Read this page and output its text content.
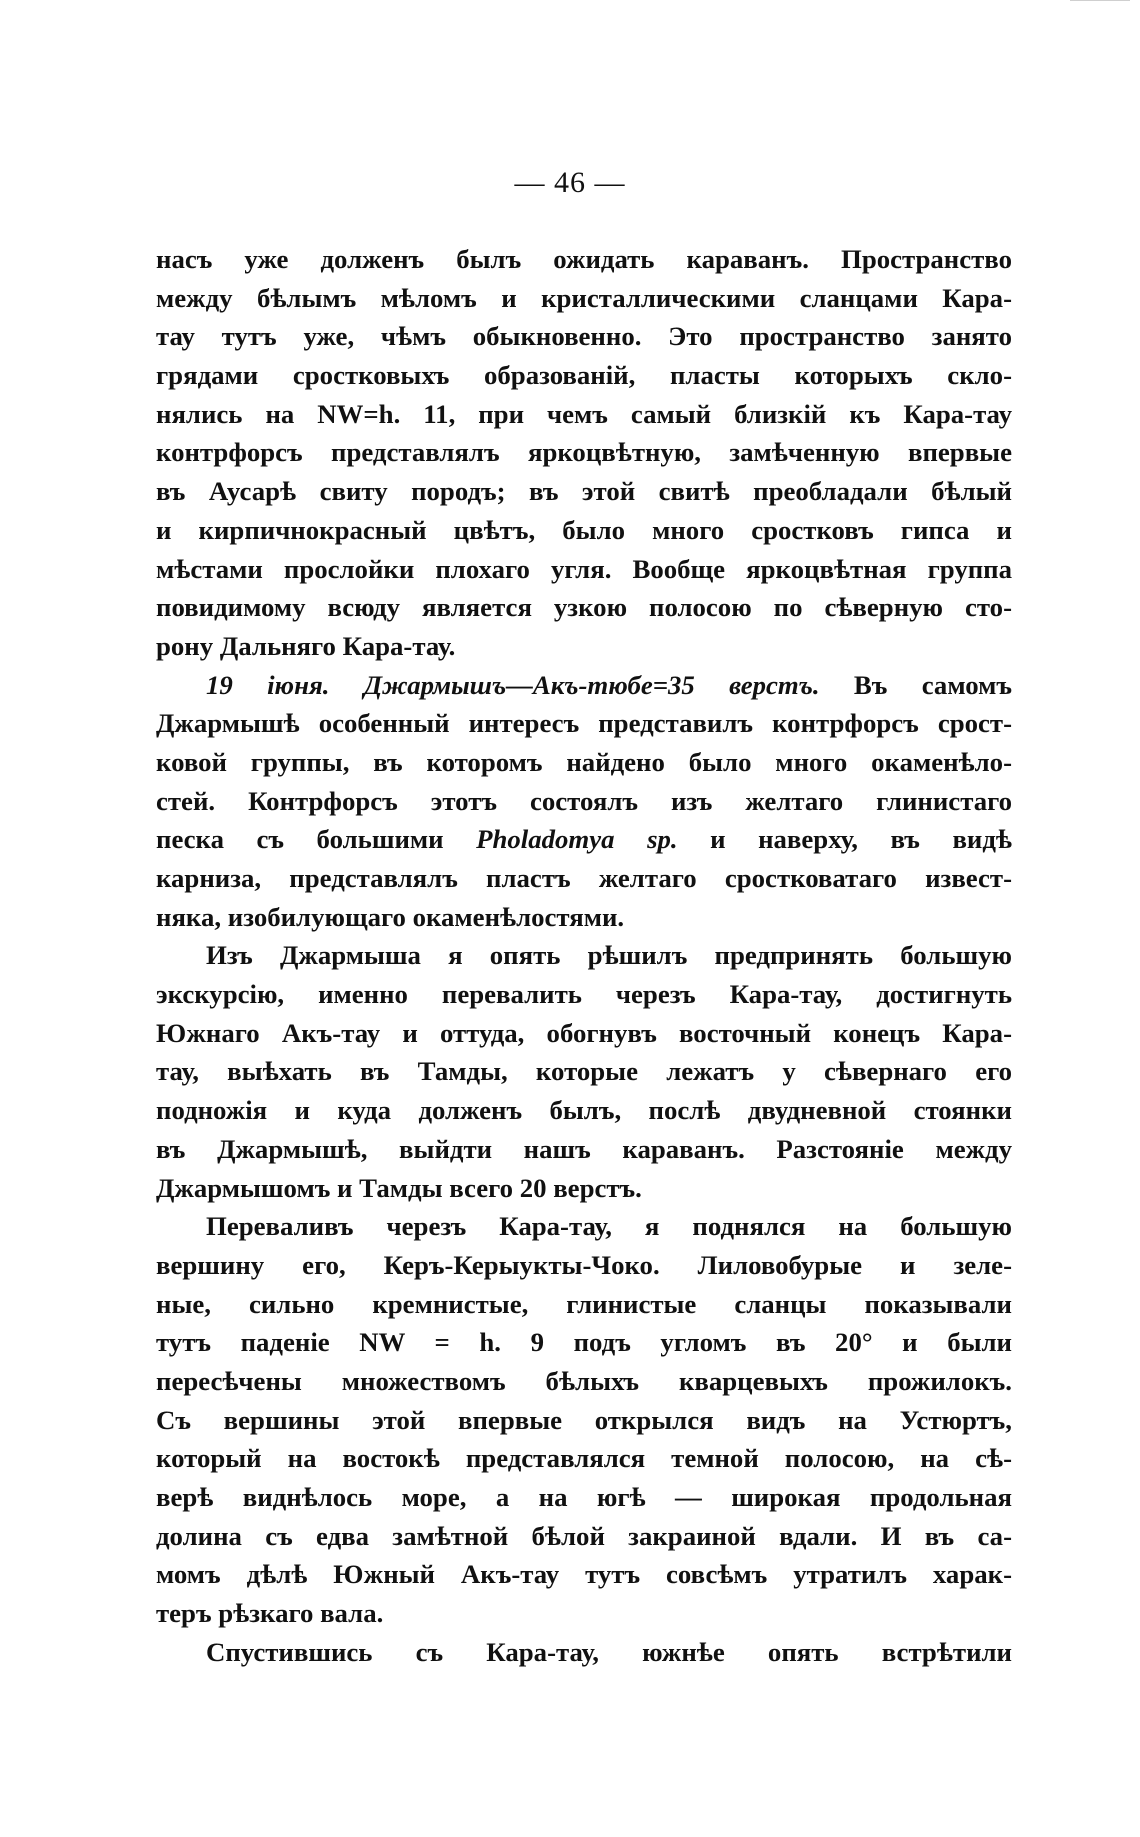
— 46 —
насъ уже долженъ былъ ожидать караванъ. Пространство
между бѣлымъ мѣломъ и кристаллическими сланцами Кара-
тау тутъ уже, чѣмъ обыкновенно. Это пространство занято
грядами сростковыхъ образованій, пласты которыхъ скло-
нялись на NW=h. 11, при чемъ самый близкій къ Кара-тау
контрфорсъ представлялъ яркоцвѣтную, замѣченную впервые
въ Аусарѣ свиту породъ; въ этой свитѣ преобладали бѣлый
и кирпичнокрасный цвѣтъ, было много сростковъ гипса и
мѣстами прослойки плохаго угля. Вообще яркоцвѣтная группа
повидимому всюду является узкою полосою по сѣверную сто-
рону Дальняго Кара-тау.
19 іюня. Джармышъ—Акъ-тюбе=35 верстъ. Въ самомъ
Джармышѣ особенный интересъ представилъ контрфорсъ срост-
ковой группы, въ которомъ найдено было много окаменѣло-
стей. Контрфорсъ этотъ состоялъ изъ желтаго глинистаго
песка съ большими Pholadomya sp. и наверху, въ видѣ
карниза, представлялъ пластъ желтаго сростковатаго извест-
няка, изобилующаго окаменѣлостями.
Изъ Джармыша я опять рѣшилъ предпринять большую
экскурсію, именно перевалить черезъ Кара-тау, достигнуть
Южнаго Акъ-тау и оттуда, обогнувъ восточный конецъ Кара-
тау, выѣхать въ Тамды, которые лежатъ у сѣвернаго его
подножія и куда долженъ былъ, послѣ двудневной стоянки
въ Джармышѣ, выйдти нашъ караванъ. Разстояніе между
Джармышомъ и Тамды всего 20 верстъ.
Переваливъ черезъ Кара-тау, я поднялся на большую
вершину его, Керъ-Керыукты-Чоко. Лиловобурые и зеле-
ные, сильно кремнистые, глинистые сланцы показывали
тутъ паденіе NW = h. 9 подъ угломъ въ 20° и были
пересѣчены множествомъ бѣлыхъ кварцевыхъ прожилокъ.
Съ вершины этой впервые открылся видъ на Устюртъ,
который на востокѣ представлялся темной полосою, на сѣ-
верѣ виднѣлось море, а на югѣ — широкая продольная
долина съ едва замѣтной бѣлой закраиной вдали. И въ са-
момъ дѣлѣ Южный Акъ-тау тутъ совсѣмъ утратилъ харак-
теръ рѣзкаго вала.
Спустившись съ Кара-тау, южнѣе опять встрѣтили
